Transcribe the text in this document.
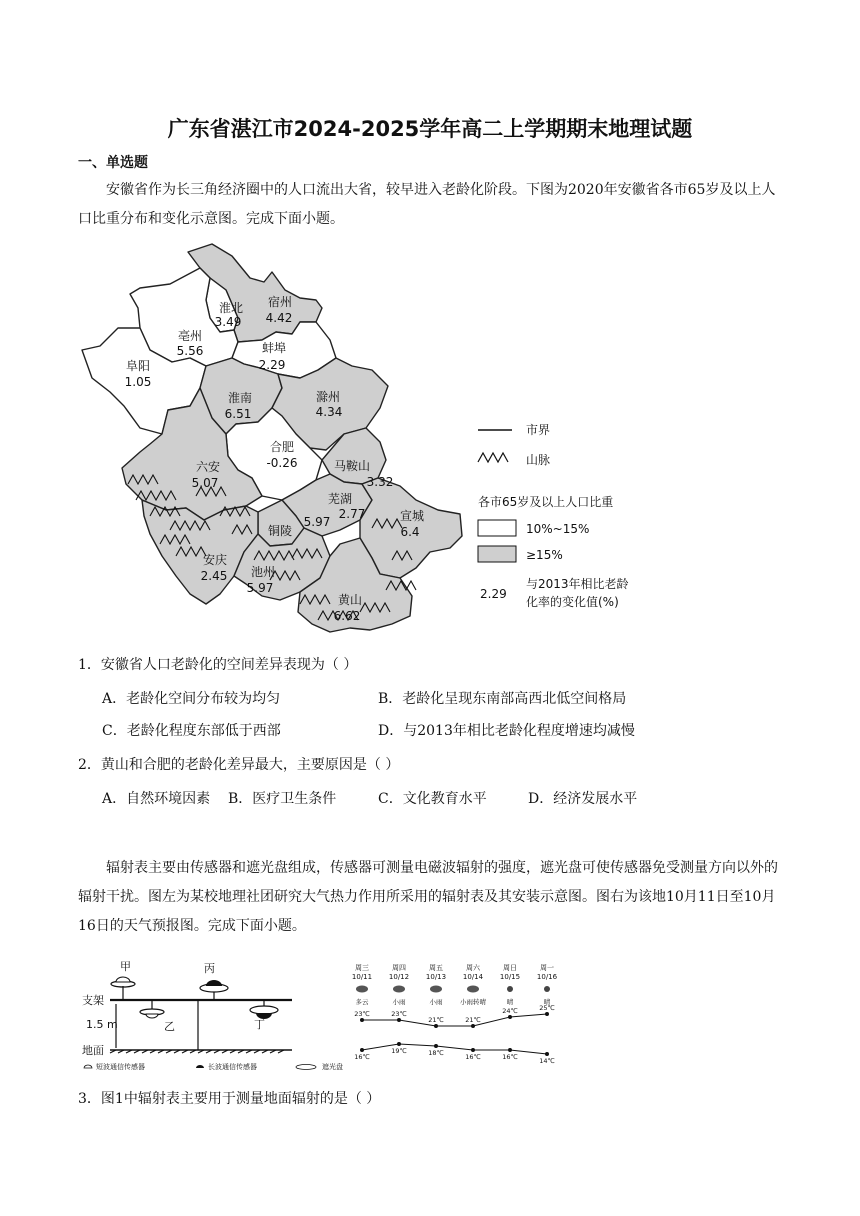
广东省湛江市2024-2025学年高二上学期期末地理试题
一、单选题
安徽省作为长三角经济圈中的人口流出大省，较早进入老龄化阶段。下图为2020年安徽省各市65岁及以上人口比重分布和变化示意图。完成下面小题。
淮北
3.49
宿州
4.42
亳州
5.56	蚌埠
2.29
阜阳
1.05
淮南
6.51
滁州
4.34
合肥
-0.26
六安
5.07
马鞍山
3.32
芜湖
2.77
铜陵
5.97	宣城
6.4
安庆
2.45 池州
5.97
黄山
6.62
市界
山脉
各市65岁及以上人口比重
10%~15%
≥15%
2.29
与2013年相比老龄
化率的变化值(%)
1．安徽省人口老龄化的空间差异表现为（ ）
A．老龄化空间分布较为均匀	B．老龄化呈现东南部高西北低空间格局
C．老龄化程度东部低于西部	D．与2013年相比老龄化程度增速均减慢
2．黄山和合肥的老龄化差异最大，主要原因是（ ）
A．自然环境因素 B．医疗卫生条件	C．文化教育水平	D．经济发展水平
辐射表主要由传感器和遮光盘组成，传感器可测量电磁波辐射的强度，遮光盘可使传感器免受测量方向以外的辐射干扰。图左为某校地理社团研究大气热力作用所采用的辐射表及其安装示意图。图右为该地10月11日至10月16日的天气预报图。完成下面小题。
甲	丙
支架
1.5 m	乙	丁
地面
短波通信传感器	长波通信传感器	遮光盘
周三
10/11
多云
23℃
16℃
周四
10/12
小雨
23℃
19℃
周五
10/13
小雨
21℃
18℃
周六
10/14
小雨转晴
21℃
16℃
周日
10/15
晴
24℃
16℃
周一
10/16
晴
25℃
14℃
3．图1中辐射表主要用于测量地面辐射的是（ ）
